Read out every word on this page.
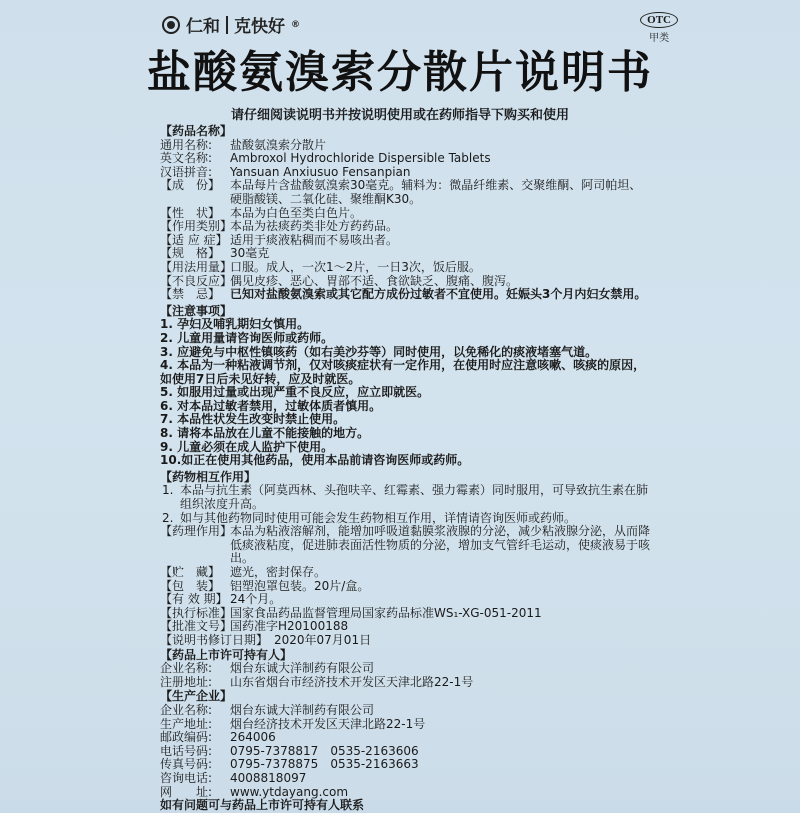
仁和 克快好 ®	OTC
甲类
盐酸氨溴索分散片说明书
请仔细阅读说明书并按说明使用或在药师指导下购买和使用
【药品名称】
通用名称:	盐酸氨溴索分散片
英文名称:	Ambroxol Hydrochloride Dispersible Tablets
汉语拼音:	Yansuan Anxiusuo Fensanpian
【成　份】 本品每片含盐酸氨溴索30毫克。辅料为：微晶纤维素、交聚维酮、阿司帕坦、硬脂酸镁、二氧化硅、聚维酮K30。
【性　状】 本品为白色至类白色片。
【作用类别】
本品为祛痰药类非处方药药品。
【适 应 症】 适用于痰液粘稠而不易咳出者。
【规　格】 30毫克
【用法用量】
口服。成人，一次1～2片，一日3次，饭后服。
【不良反应】
偶见皮疹、恶心、胃部不适、食欲缺乏、腹痛、腹泻。
【禁　忌】 已知对盐酸氨溴索或其它配方成份过敏者不宜使用。妊娠头3个月内妇女禁用。
【注意事项】
1. 孕妇及哺乳期妇女慎用。
2. 儿童用量请咨询医师或药师。
3. 应避免与中枢性镇咳药（如右美沙芬等）同时使用，以免稀化的痰液堵塞气道。
4. 本品为一种粘液调节剂，仅对咳痰症状有一定作用，在使用时应注意咳嗽、咳痰的原因，如使用7日后未见好转，应及时就医。
5. 如服用过量或出现严重不良反应，应立即就医。
6. 对本品过敏者禁用，过敏体质者慎用。
7. 本品性状发生改变时禁止使用。
8. 请将本品放在儿童不能接触的地方。
9. 儿童必须在成人监护下使用。
10.如正在使用其他药品，使用本品前请咨询医师或药师。
【药物相互作用】
1. 本品与抗生素（阿莫西林、头孢呋辛、红霉素、强力霉素）同时服用，可导致抗生素在肺组织浓度升高。
2. 如与其他药物同时使用可能会发生药物相互作用，详情请咨询医师或药师。
【药理作用】
本品为粘液溶解剂，能增加呼吸道黏膜浆液腺的分泌，减少粘液腺分泌，从而降低痰液粘度，促进肺表面活性物质的分泌，增加支气管纤毛运动，使痰液易于咳出。
【贮　藏】 遮光，密封保存。
【包　装】 铝塑泡罩包装。20片/盒。
【有 效 期】 24个月。
【执行标准】
国家食品药品监督管理局国家药品标准WS₁-XG-051-2011
【批准文号】
国药准字H20100188
【说明书修订日期】 2020年07月01日
【药品上市许可持有人】
企业名称:	烟台东诚大洋制药有限公司
注册地址:	山东省烟台市经济技术开发区天津北路22-1号
【生产企业】
企业名称:	烟台东诚大洋制药有限公司
生产地址:	烟台经济技术开发区天津北路22-1号
邮政编码:	264006
电话号码:	0795-7378817　0535-2163606
传真号码:	0795-7378875　0535-2163663
咨询电话:	4008818097
网　　址:	www.ytdayang.com
如有问题可与药品上市许可持有人联系
